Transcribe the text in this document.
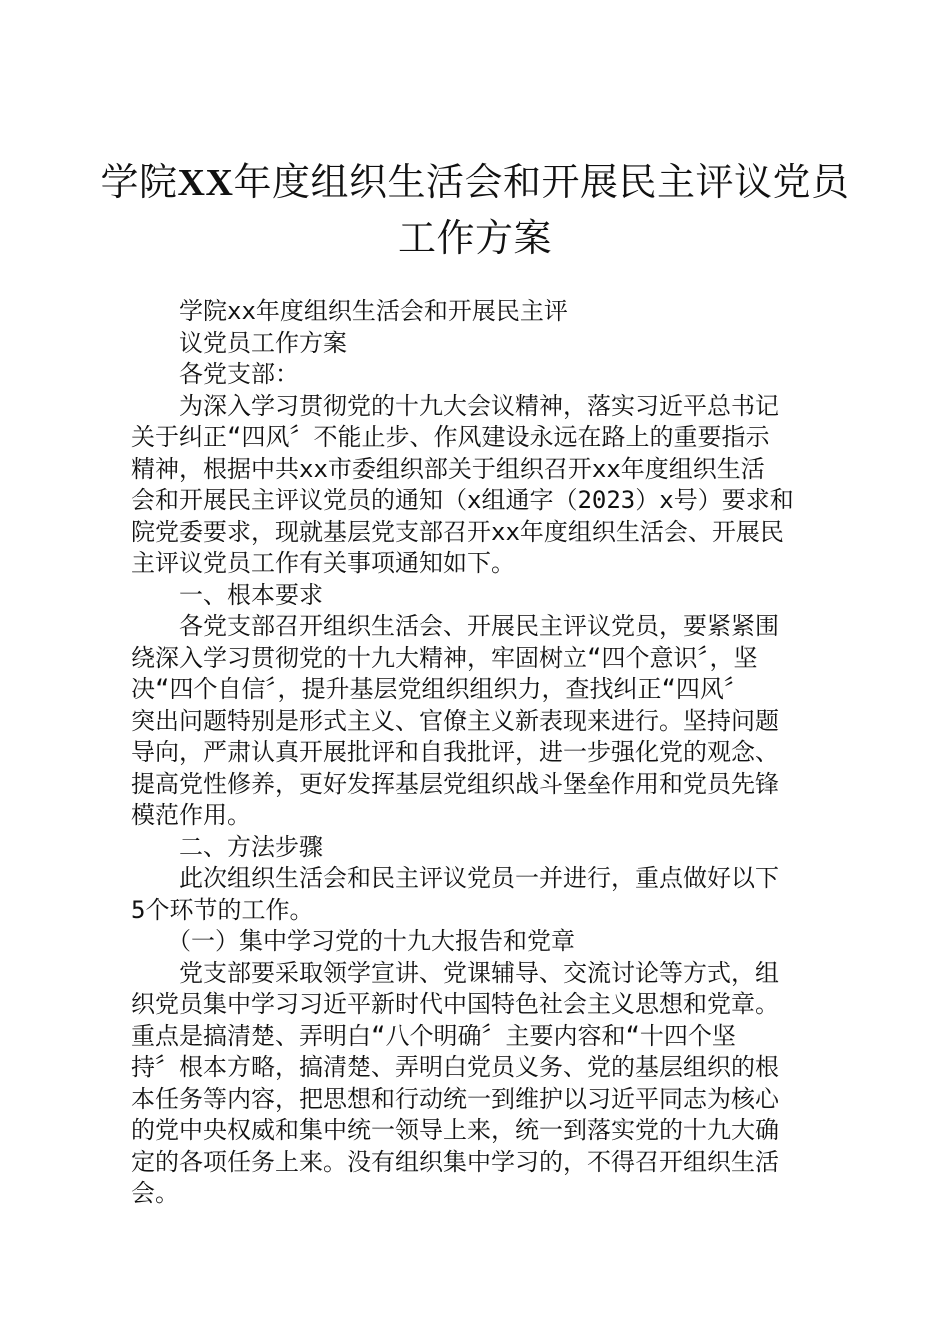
学院XX年度组织生活会和开展民主评议党员
工作方案
学院xx年度组织生活会和开展民主评
议党员工作方案
各党支部：
为深入学习贯彻党的十九大会议精神，落实习近平总书记
关于纠正“四风〞不能止步、作风建设永远在路上的重要指示
精神，根据中共xx市委组织部关于组织召开xx年度组织生活
会和开展民主评议党员的通知（x组通字（2023）x号）要求和
院党委要求，现就基层党支部召开xx年度组织生活会、开展民
主评议党员工作有关事项通知如下。
一、根本要求
各党支部召开组织生活会、开展民主评议党员，要紧紧围
绕深入学习贯彻党的十九大精神，牢固树立“四个意识〞，坚
决“四个自信〞，提升基层党组织组织力，查找纠正“四风〞
突出问题特别是形式主义、官僚主义新表现来进行。坚持问题
导向，严肃认真开展批评和自我批评，进一步强化党的观念、
提高党性修养，更好发挥基层党组织战斗堡垒作用和党员先锋
模范作用。
二、方法步骤
此次组织生活会和民主评议党员一并进行，重点做好以下
5个环节的工作。
（一）集中学习党的十九大报告和党章
党支部要采取领学宣讲、党课辅导、交流讨论等方式，组
织党员集中学习习近平新时代中国特色社会主义思想和党章。
重点是搞清楚、弄明白“八个明确〞主要内容和“十四个坚
持〞根本方略，搞清楚、弄明白党员义务、党的基层组织的根
本任务等内容，把思想和行动统一到维护以习近平同志为核心
的党中央权威和集中统一领导上来，统一到落实党的十九大确
定的各项任务上来。没有组织集中学习的，不得召开组织生活
会。
